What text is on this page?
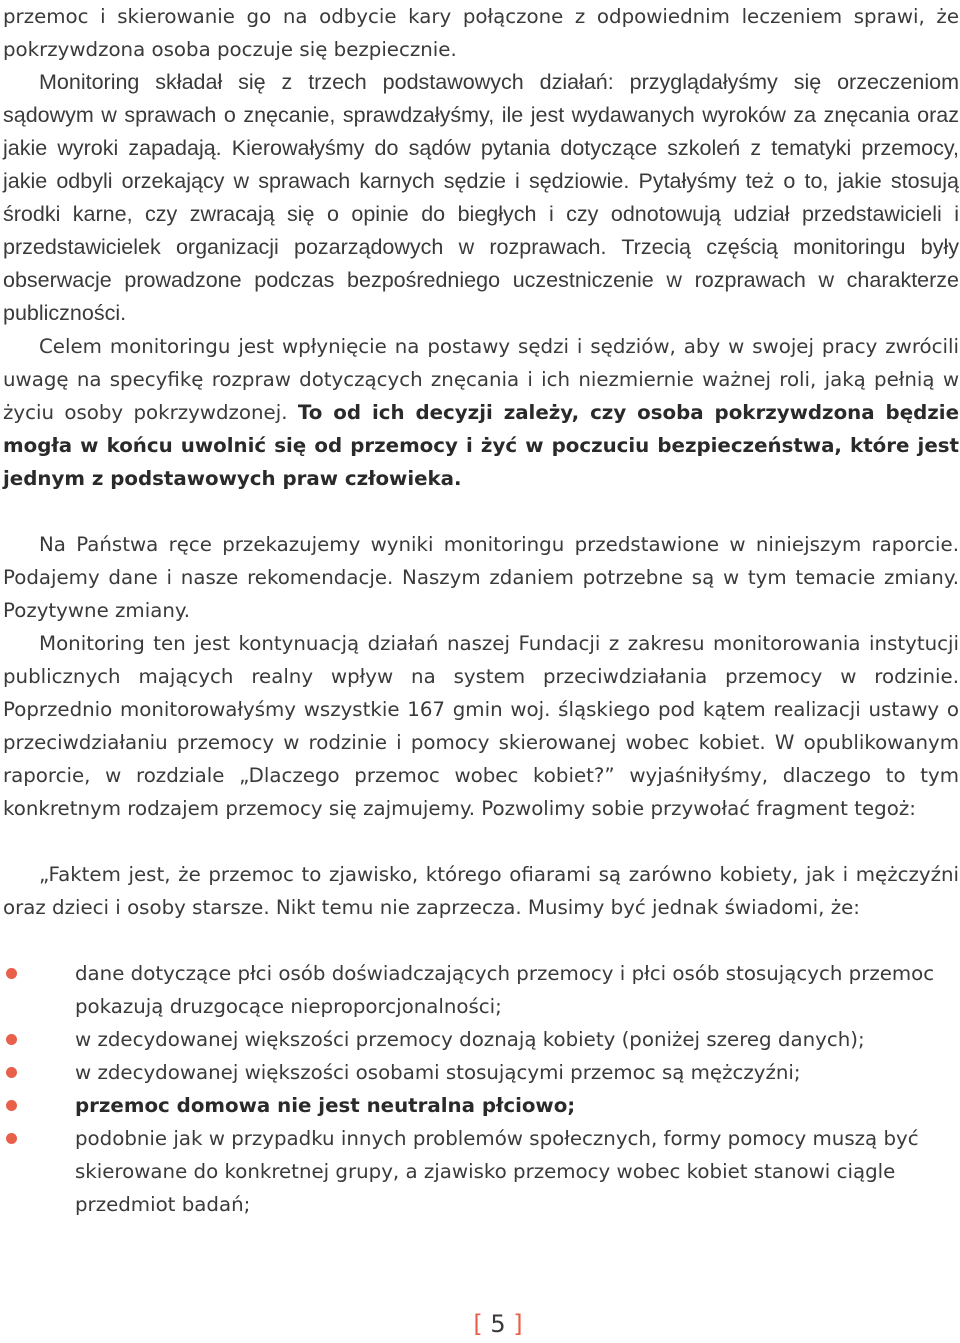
przemoc i skierowanie go na odbycie kary połączone z odpowiednim leczeniem sprawi, że pokrzywdzona osoba poczuje się bezpiecznie.

Monitoring składał się z trzech podstawowych działań: przyglądałyśmy się orzeczeniom sądowym w sprawach o znęcanie, sprawdzałyśmy, ile jest wydawanych wyroków za znęcania oraz jakie wyroki zapadają. Kierowałyśmy do sądów pytania dotyczące szkoleń z tematyki przemocy, jakie odbyli orzekający w sprawach karnych sędzie i sędziowie. Pytałyśmy też o to, jakie stosują środki karne, czy zwracają się o opinie do biegłych i czy odnotowują udział przedstawicieli i przedstawicielek organizacji pozarządowych w rozprawach. Trzecią częścią monitoringu były obserwacje prowadzone podczas bezpośredniego uczestniczenie w rozprawach w charakterze publiczności.

Celem monitoringu jest wpłynięcie na postawy sędzi i sędziów, aby w swojej pracy zwrócili uwagę na specyfikę rozpraw dotyczących znęcania i ich niezmiernie ważnej roli, jaką pełnią w życiu osoby pokrzywdzonej. To od ich decyzji zależy, czy osoba pokrzywdzona będzie mogła w końcu uwolnić się od przemocy i żyć w poczuciu bezpieczeństwa, które jest jednym z podstawowych praw człowieka.

Na Państwa ręce przekazujemy wyniki monitoringu przedstawione w niniejszym raporcie. Podajemy dane i nasze rekomendacje. Naszym zdaniem potrzebne są w tym temacie zmiany. Pozytywne zmiany.

Monitoring ten jest kontynuacją działań naszej Fundacji z zakresu monitorowania instytucji publicznych mających realny wpływ na system przeciwdziałania przemocy w rodzinie. Poprzednio monitorowałyśmy wszystkie 167 gmin woj. śląskiego pod kątem realizacji ustawy o przeciwdziałaniu przemocy w rodzinie i pomocy skierowanej wobec kobiet. W opublikowanym raporcie, w rozdziale „Dlaczego przemoc wobec kobiet?” wyjaśniłyśmy, dlaczego to tym konkretnym rodzajem przemocy się zajmujemy. Pozwolimy sobie przywołać fragment tegoż:

„Faktem jest, że przemoc to zjawisko, którego ofiarami są zarówno kobiety, jak i mężczyźni oraz dzieci i osoby starsze. Nikt temu nie zaprzecza. Musimy być jednak świadomi, że:

dane dotyczące płci osób doświadczających przemocy i płci osób stosujących przemoc pokazują druzgocące nieproporcjonalności;
w zdecydowanej większości przemocy doznają kobiety (poniżej szereg danych);
w zdecydowanej większości osobami stosującymi przemoc są mężczyźni;
przemoc domowa nie jest neutralna płciowo;
podobnie jak w przypadku innych problemów społecznych, formy pomocy muszą być skierowane do konkretnej grupy, a zjawisko przemocy wobec kobiet stanowi ciągle przedmiot badań;
[ 5 ]
